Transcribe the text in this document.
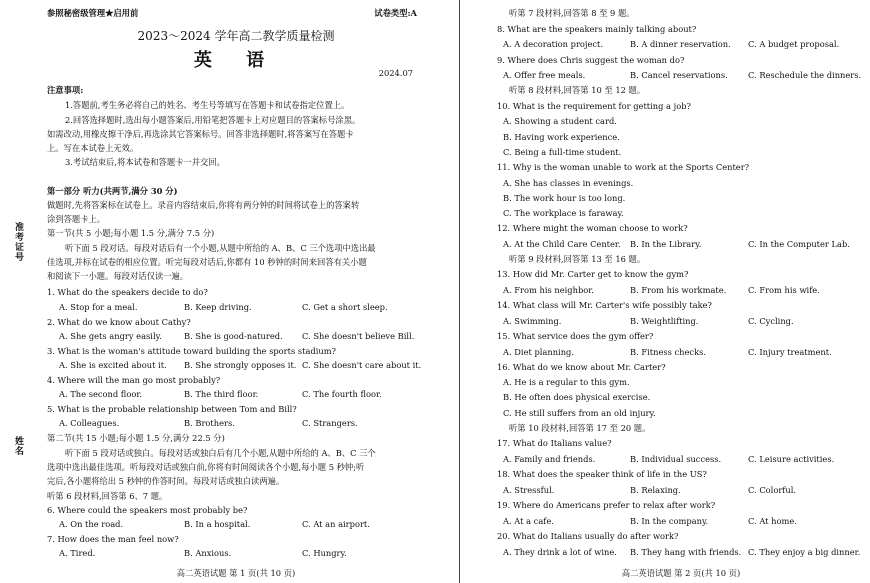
准考证号
姓名
参照秘密级管理★启用前	试卷类型:A
2023～2024 学年高二教学质量检测
英 语
2024.07
注意事项:
1.答题前,考生务必将自己的姓名、考生号等填写在答题卡和试卷指定位置上。
2.回答选择题时,选出每小题答案后,用铅笔把答题卡上对应题目的答案标号涂黑。
如需改动,用橡皮擦干净后,再选涂其它答案标号。回答非选择题时,将答案写在答题卡
上。写在本试卷上无效。
3.考试结束后,将本试卷和答题卡一并交回。
第一部分 听力(共两节,满分 30 分)
做题时,先将答案标在试卷上。录音内容结束后,你将有两分钟的时间将试卷上的答案转
涂到答题卡上。
第一节(共 5 小题;每小题 1.5 分,满分 7.5 分)
听下面 5 段对话。每段对话后有一个小题,从题中所给的 A、B、C 三个选项中选出最
佳选项,并标在试卷的相应位置。听完每段对话后,你都有 10 秒钟的时间来回答有关小题
和阅读下一小题。每段对话仅读一遍。
1. What do the speakers decide to do?
A. Stop for a meal.	B. Keep driving.	C. Get a short sleep.
2. What do we know about Cathy?
A. She gets angry easily.	B. She is good-natured. C. She doesn't believe Bill.
3. What is the woman's attitude toward building the sports stadium?
A. She is excited about it. B. She strongly opposes it. C. She doesn't care about it.
4. Where will the man go most probably?
A. The second floor.	B. The third floor.	C. The fourth floor.
5. What is the probable relationship between Tom and Bill?
A. Colleagues.	B. Brothers.	C. Strangers.
第二节(共 15 小题;每小题 1.5 分,满分 22.5 分)
听下面 5 段对话或独白。每段对话或独白后有几个小题,从题中所给的 A、B、C 三个
选项中选出最佳选项。听每段对话或独白前,你将有时间阅读各个小题,每小题 5 秒钟;听
完后,各小题将给出 5 秒钟的作答时间。每段对话或独白读两遍。
听第 6 段材料,回答第 6、7 题。
6. Where could the speakers most probably be?
A. On the road.	B. In a hospital.	C. At an airport.
7. How does the man feel now?
A. Tired.	B. Anxious.	C. Hungry.
高二英语试题 第 1 页(共 10 页)
听第 7 段材料,回答第 8 至 9 题。
8. What are the speakers mainly talking about?
A. A decoration project.	B. A dinner reservation. C. A budget proposal.
9. Where does Chris suggest the woman do?
A. Offer free meals.	B. Cancel reservations. C. Reschedule the dinners.
听第 8 段材料,回答第 10 至 12 题。
10. What is the requirement for getting a job?
A. Showing a student card.
B. Having work experience.
C. Being a full-time student.
11. Why is the woman unable to work at the Sports Center?
A. She has classes in evenings.
B. The work hour is too long.
C. The workplace is faraway.
12. Where might the woman choose to work?
A. At the Child Care Center. B. In the Library.	C. In the Computer Lab.
听第 9 段材料,回答第 13 至 16 题。
13. How did Mr. Carter get to know the gym?
A. From his neighbor.	B. From his workmate.	C. From his wife.
14. What class will Mr. Carter's wife possibly take?
A. Swimming.	B. Weightlifting.	C. Cycling.
15. What service does the gym offer?
A. Diet planning.	B. Fitness checks.	C. Injury treatment.
16. What do we know about Mr. Carter?
A. He is a regular to this gym.
B. He often does physical exercise.
C. He still suffers from an old injury.
听第 10 段材料,回答第 17 至 20 题。
17. What do Italians value?
A. Family and friends.	B. Individual success.	C. Leisure activities.
18. What does the speaker think of life in the US?
A. Stressful.	B. Relaxing.	C. Colorful.
19. Where do Americans prefer to relax after work?
A. At a cafe.	B. In the company.	C. At home.
20. What do Italians usually do after work?
A. They drink a lot of wine. B. They hang with friends. C. They enjoy a big dinner.
高二英语试题 第 2 页(共 10 页)
